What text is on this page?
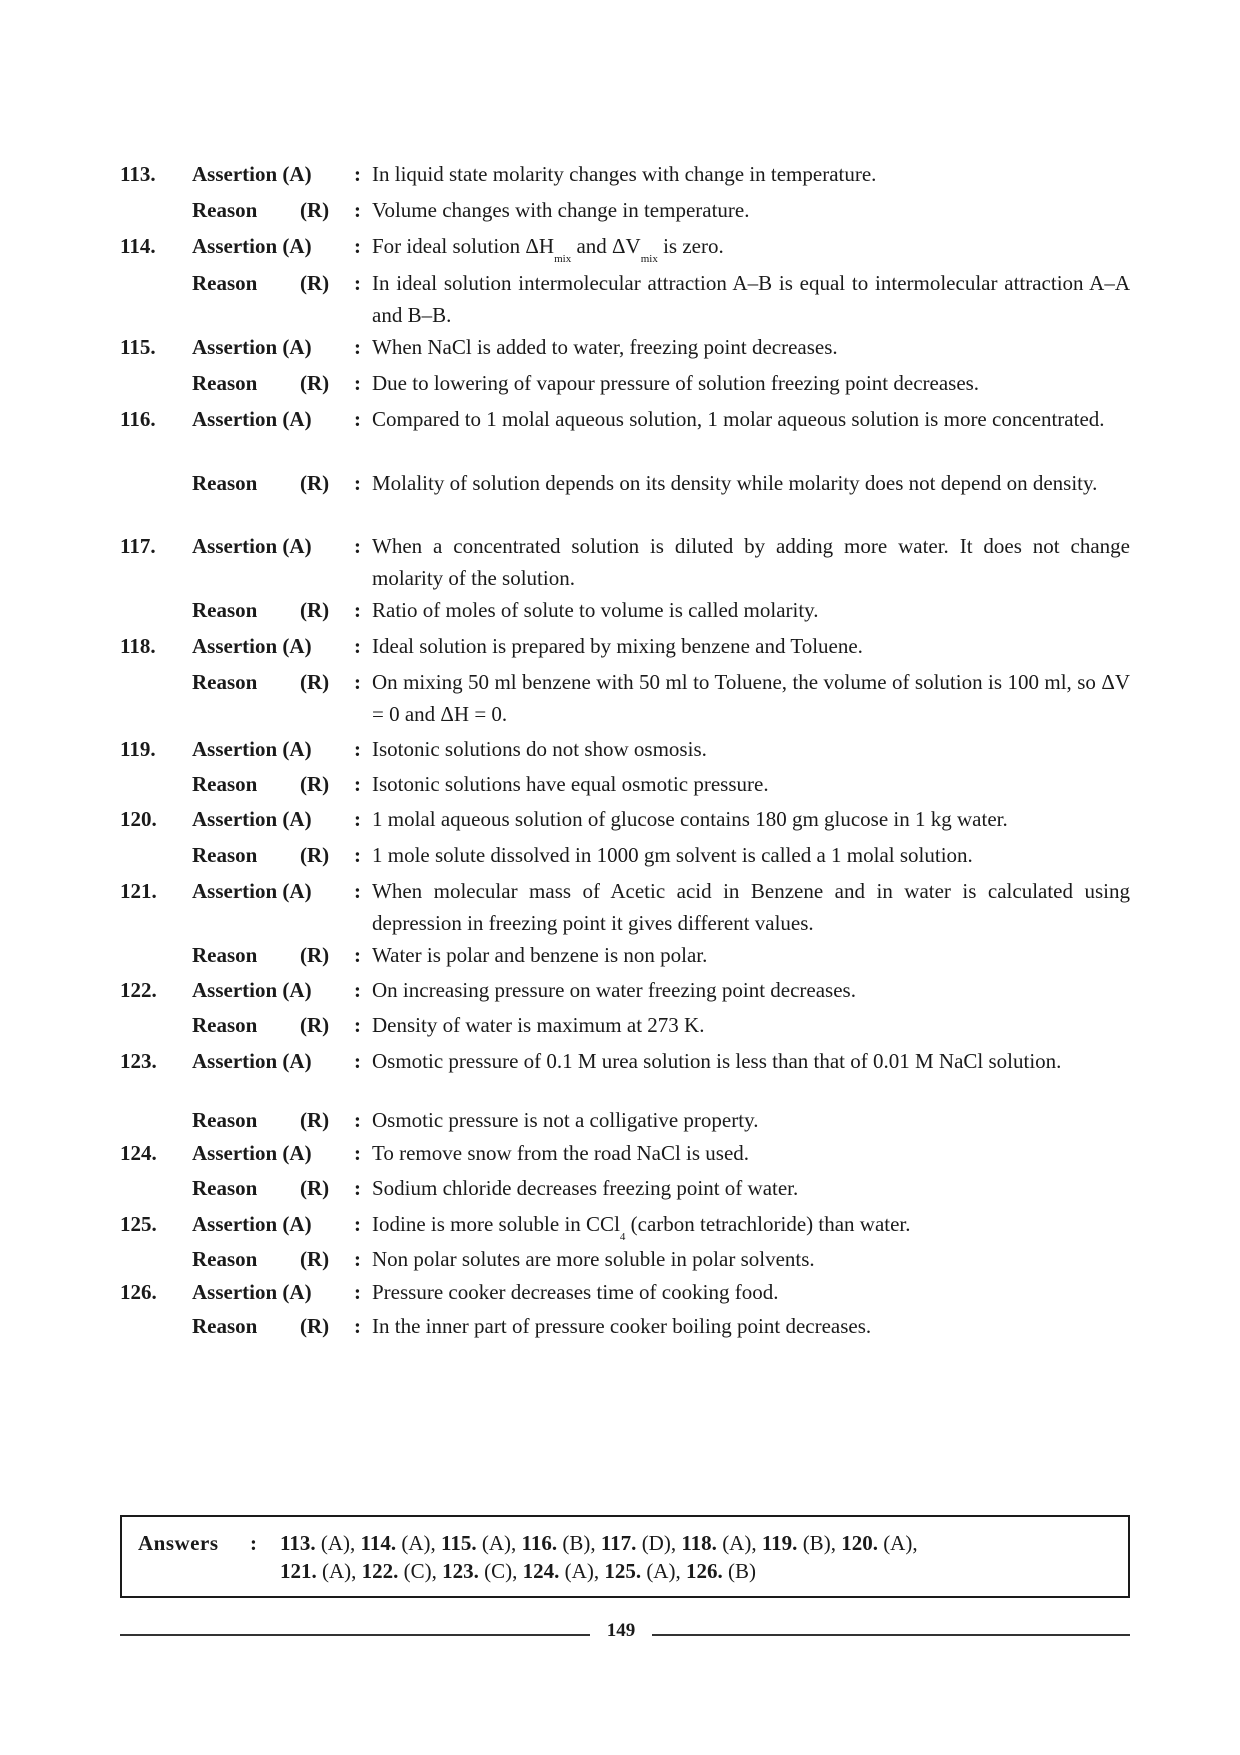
113. Assertion (A) : In liquid state molarity changes with change in temperature.
Reason (R) : Volume changes with change in temperature.
114. Assertion (A) : For ideal solution $\Delta H_{mix}$ and $\Delta V_{mix}$ is zero.
Reason (R) : In ideal solution intermolecular attraction A–B is equal to intermolecular attraction A–A and B–B.
115. Assertion (A) : When NaCl is added to water, freezing point decreases.
Reason (R) : Due to lowering of vapour pressure of solution freezing point decreases.
116. Assertion (A) : Compared to 1 molal aqueous solution, 1 molar aqueous solution is more concentrated.
Reason (R) : Molality of solution depends on its density while molarity does not depend on density.
117. Assertion (A) : When a concentrated solution is diluted by adding more water. It does not change molarity of the solution.
Reason (R) : Ratio of moles of solute to volume is called molarity.
118. Assertion (A) : Ideal solution is prepared by mixing benzene and Toluene.
Reason (R) : On mixing 50 ml benzene with 50 ml to Toluene, the volume of solution is 100 ml, so ΔV = 0 and ΔH = 0.
119. Assertion (A) : Isotonic solutions do not show osmosis.
Reason (R) : Isotonic solutions have equal osmotic pressure.
120. Assertion (A) : 1 molal aqueous solution of glucose contains 180 gm glucose in 1 kg water.
Reason (R) : 1 mole solute dissolved in 1000 gm solvent is called a 1 molal solution.
121. Assertion (A) : When molecular mass of Acetic acid in Benzene and in water is calculated using depression in freezing point it gives different values.
Reason (R) : Water is polar and benzene is non polar.
122. Assertion (A) : On increasing pressure on water freezing point decreases.
Reason (R) : Density of water is maximum at 273 K.
123. Assertion (A) : Osmotic pressure of 0.1 M urea solution is less than that of 0.01 M NaCl solution.
Reason (R) : Osmotic pressure is not a colligative property.
124. Assertion (A) : To remove snow from the road NaCl is used.
Reason (R) : Sodium chloride decreases freezing point of water.
125. Assertion (A) : Iodine is more soluble in CCl$_4$ (carbon tetrachloride) than water.
Reason (R) : Non polar solutes are more soluble in polar solvents.
126. Assertion (A) : Pressure cooker decreases time of cooking food.
Reason (R) : In the inner part of pressure cooker boiling point decreases.
Answers : 113. (A), 114. (A), 115. (A), 116. (B), 117. (D), 118. (A), 119. (B), 120. (A),
121. (A), 122. (C), 123. (C), 124. (A), 125. (A), 126. (B)
149
